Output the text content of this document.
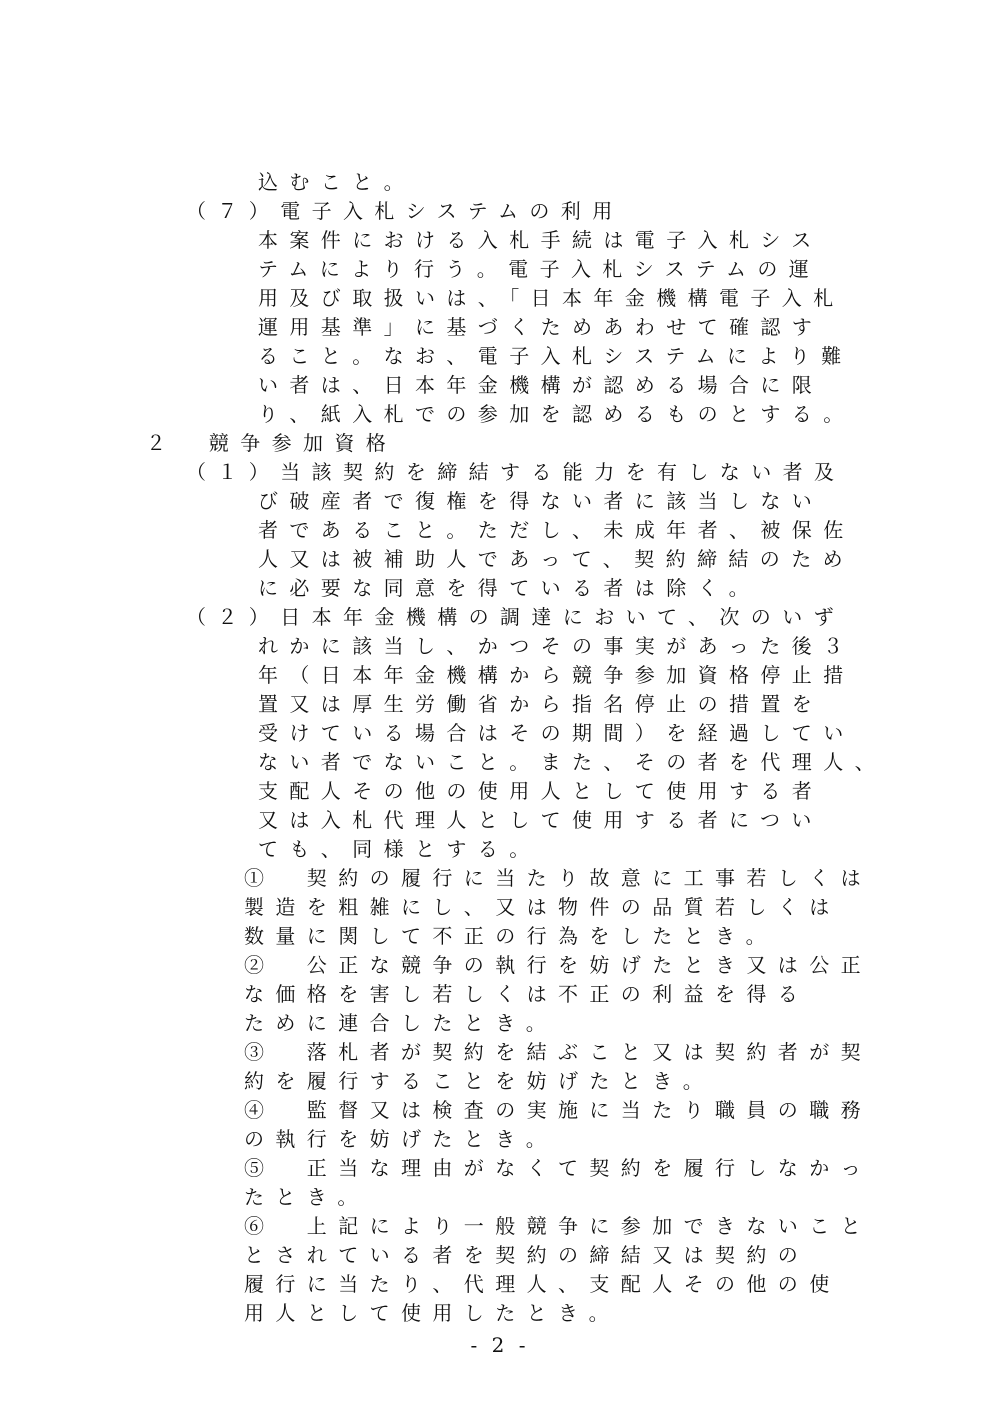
込むこと。
（７）電子入札システムの利用
本案件における入札手続は電子入札シス
テムにより行う。電子入札システムの運
用及び取扱いは、「日本年金機構電子入札
運用基準」に基づくためあわせて確認す
ること。なお、電子入札システムにより難
い者は、日本年金機構が認める場合に限
り、紙入札での参加を認めるものとする。
２　競争参加資格
（１）当該契約を締結する能力を有しない者及
び破産者で復権を得ない者に該当しない
者であること。ただし、未成年者、被保佐
人又は被補助人であって、契約締結のため
に必要な同意を得ている者は除く。
（２）日本年金機構の調達において、次のいず
れかに該当し、かつその事実があった後３
年（日本年金機構から競争参加資格停止措
置又は厚生労働省から指名停止の措置を
受けている場合はその期間）を経過してい
ない者でないこと。また、その者を代理人、
支配人その他の使用人として使用する者
又は入札代理人として使用する者につい
ても、同様とする。
①　契約の履行に当たり故意に工事若しくは
製造を粗雑にし、又は物件の品質若しくは
数量に関して不正の行為をしたとき。
②　公正な競争の執行を妨げたとき又は公正
な価格を害し若しくは不正の利益を得る
ために連合したとき。
③　落札者が契約を結ぶこと又は契約者が契
約を履行することを妨げたとき。
④　監督又は検査の実施に当たり職員の職務
の執行を妨げたとき。
⑤　正当な理由がなくて契約を履行しなかっ
たとき。
⑥　上記により一般競争に参加できないこと
とされている者を契約の締結又は契約の
履行に当たり、代理人、支配人その他の使
用人として使用したとき。
- 2 -
